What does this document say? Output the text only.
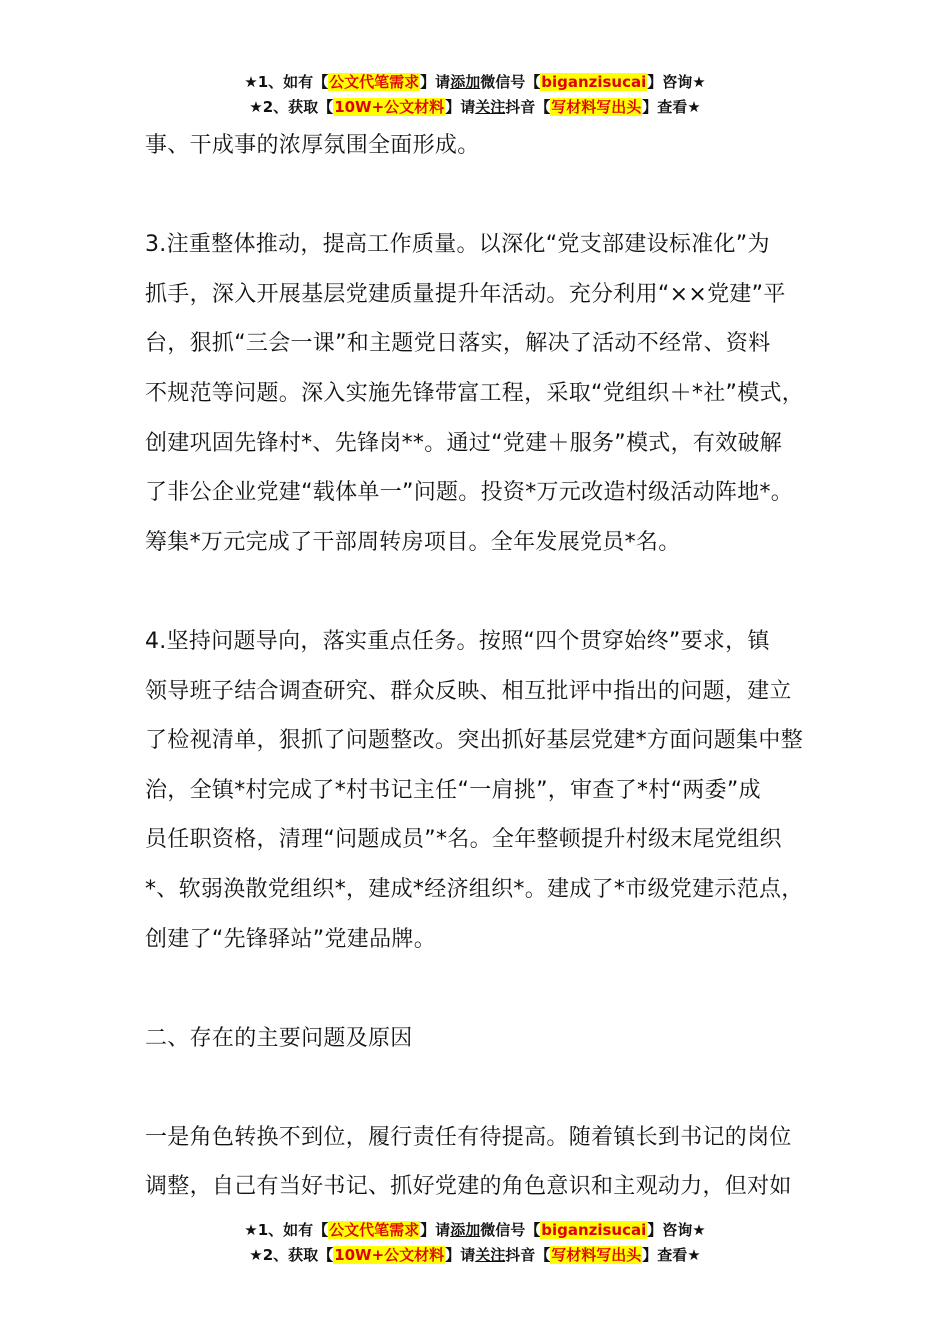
★1、如有【公文代笔需求】请添加微信号【biganzisucai】咨询★
★2、获取【10W+公文材料】请关注抖音【写材料写出头】查看★

事、干成事的浓厚氛围全面形成。

3.注重整体推动，提高工作质量。以深化“党支部建设标准化”为

抓手，深入开展基层党建质量提升年活动。充分利用“××党建”平

台，狠抓“三会一课”和主题党日落实，解决了活动不经常、资料

不规范等问题。深入实施先锋带富工程，采取“党组织＋*社”模式，

创建巩固先锋村*、先锋岗**。通过“党建＋服务”模式，有效破解

了非公企业党建“载体单一”问题。投资*万元改造村级活动阵地*。

筹集*万元完成了干部周转房项目。全年发展党员*名。

4.坚持问题导向，落实重点任务。按照“四个贯穿始终”要求，镇

领导班子结合调查研究、群众反映、相互批评中指出的问题，建立

了检视清单，狠抓了问题整改。突出抓好基层党建*方面问题集中整

治，全镇*村完成了*村书记主任“一肩挑”，审查了*村“两委”成

员任职资格，清理“问题成员”*名。全年整顿提升村级末尾党组织

*、软弱涣散党组织*，建成*经济组织*。建成了*市级党建示范点，

创建了“先锋驿站”党建品牌。

二、存在的主要问题及原因

一是角色转换不到位，履行责任有待提高。随着镇长到书记的岗位

调整，自己有当好书记、抓好党建的角色意识和主观动力，但对如

★1、如有【公文代笔需求】请添加微信号【biganzisucai】咨询★
★2、获取【10W+公文材料】请关注抖音【写材料写出头】查看★
